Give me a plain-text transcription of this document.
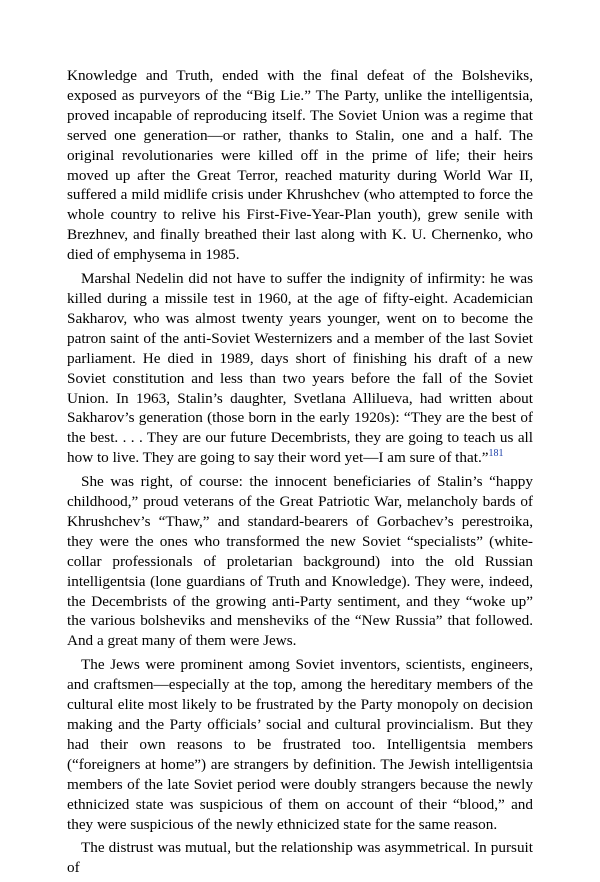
Knowledge and Truth, ended with the final defeat of the Bolsheviks, exposed as purveyors of the “Big Lie.” The Party, unlike the intelligentsia, proved incapable of reproducing itself. The Soviet Union was a regime that served one generation—or rather, thanks to Stalin, one and a half. The original revolutionaries were killed off in the prime of life; their heirs moved up after the Great Terror, reached maturity during World War II, suffered a mild midlife crisis under Khrushchev (who attempted to force the whole country to relive his First-Five-Year-Plan youth), grew senile with Brezhnev, and finally breathed their last along with K. U. Chernenko, who died of emphysema in 1985.

Marshal Nedelin did not have to suffer the indignity of infirmity: he was killed during a missile test in 1960, at the age of fifty-eight. Academician Sakharov, who was almost twenty years younger, went on to become the patron saint of the anti-Soviet Westernizers and a member of the last Soviet parliament. He died in 1989, days short of finishing his draft of a new Soviet constitution and less than two years before the fall of the Soviet Union. In 1963, Stalin’s daughter, Svetlana Allilueva, had written about Sakharov’s generation (those born in the early 1920s): “They are the best of the best. . . . They are our future Decembrists, they are going to teach us all how to live. They are going to say their word yet—I am sure of that.”$^{181}$

She was right, of course: the innocent beneficiaries of Stalin’s “happy childhood,” proud veterans of the Great Patriotic War, melancholy bards of Khrushchev’s “Thaw,” and standard-bearers of Gorbachev’s perestroika, they were the ones who transformed the new Soviet “specialists” (white-collar professionals of proletarian background) into the old Russian intelligentsia (lone guardians of Truth and Knowledge). They were, indeed, the Decembrists of the growing anti-Party sentiment, and they “woke up” the various bolsheviks and mensheviks of the “New Russia” that followed. And a great many of them were Jews.

The Jews were prominent among Soviet inventors, scientists, engineers, and craftsmen—especially at the top, among the hereditary members of the cultural elite most likely to be frustrated by the Party monopoly on decision making and the Party officials’ social and cultural provincialism. But they had their own reasons to be frustrated too. Intelligentsia members (“foreigners at home”) are strangers by definition. The Jewish intelligentsia members of the late Soviet period were doubly strangers because the newly ethnicized state was suspicious of them on account of their “blood,” and they were suspicious of the newly ethnicized state for the same reason.

The distrust was mutual, but the relationship was asymmetrical. In pursuit of
